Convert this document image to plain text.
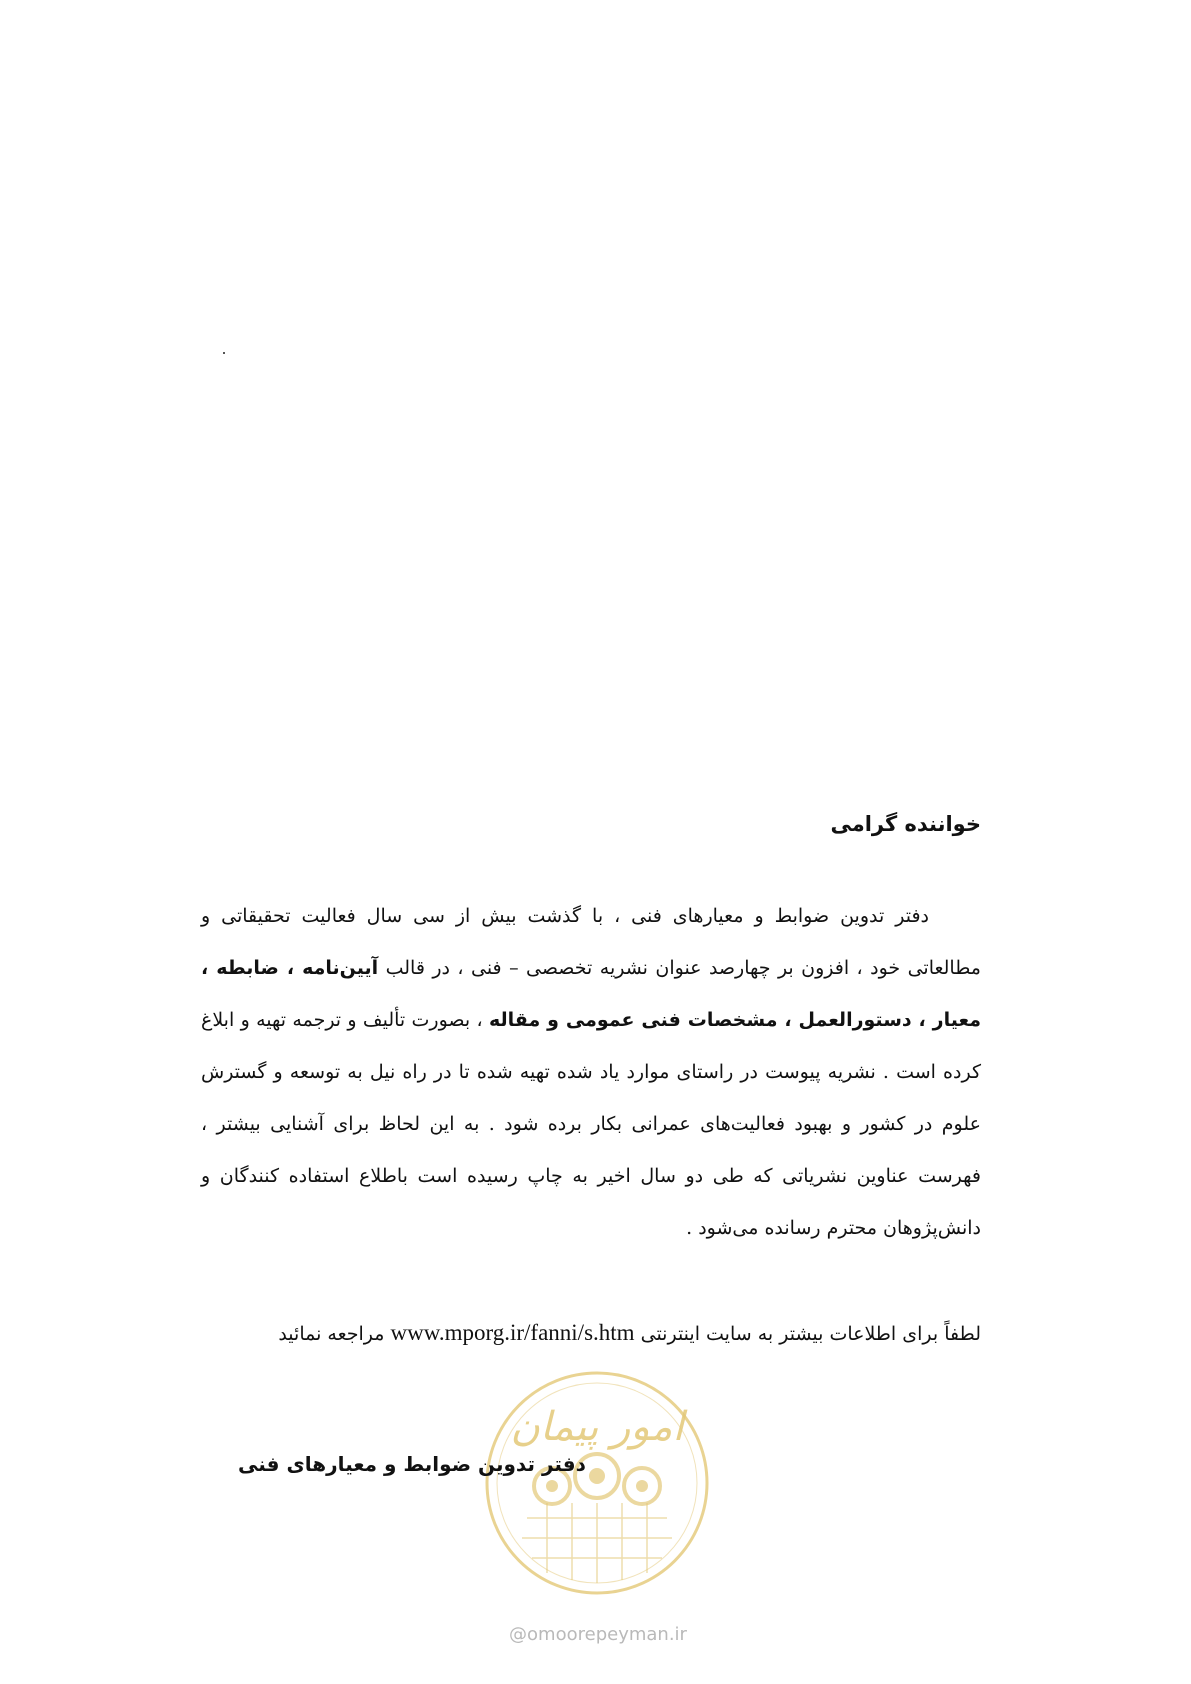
خواننده گرامی
دفتر تدوین ضوابط و معیارهای فنی ، با گذشت بیش از سی سال فعالیت تحقیقاتی و مطالعاتی خود ، افزون بر چهارصد عنوان نشریه تخصصی – فنی ، در قالب آیین‌نامه ، ضابطه ، معیار ، دستورالعمل ، مشخصات فنی عمومی و مقاله ، بصورت تألیف و ترجمه تهیه و ابلاغ کرده است . نشریه پیوست در راستای موارد یاد شده تهیه شده تا در راه نیل به توسعه و گسترش علوم در کشور و بهبود فعالیت‌های عمرانی بکار برده شود . به این لحاظ برای آشنایی بیشتر ، فهرست عناوین نشریاتی که طی دو سال اخیر به چاپ رسیده است باطلاع استفاده کنندگان و دانش‌پژوهان محترم رسانده می‌شود .
لطفاً برای اطلاعات بیشتر به سایت اینترنتی www.mporg.ir/fanni/s.htm مراجعه نمائید
امور پیمان
دفتر تدوین ضوابط و معیارهای فنی
@omoorepeyman.ir
